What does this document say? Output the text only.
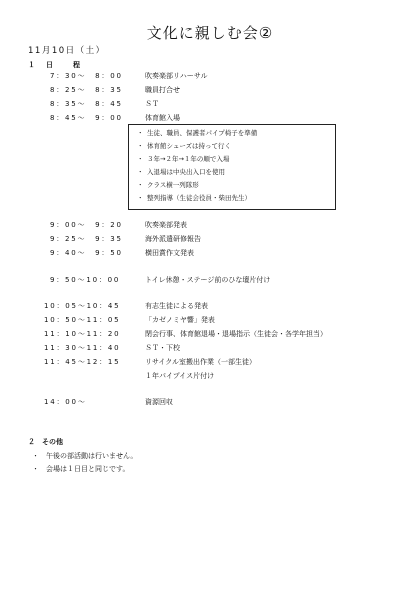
文化に親しむ会②
11月10日（土）
１ 日　　程
7：30～　8：00	吹奏楽部リハーサル
8：25～　8：35	職員打合せ
8：35～　8：45	ＳＴ
8：45～　9：00	体育館入場
・ 生徒、職員、保護者パイプ椅子を準備
・ 体育館シューズは持って行く
・ ３年→２年→１年の順で入場
・ 入退場は中央出入口を使用
・ クラス横一列隊形
・ 整列指導（生徒会役員・柴田先生）
9：00～　9：20	吹奏楽部発表
9：25～　9：35	海外派遣研修報告
9：40～　9：50	横田賞作文発表
9：50～10：00	トイレ休憩・ステージ前のひな壇片付け
10：05～10：45	有志生徒による発表
10：50～11：05	「カゼノミヤ響」発表
11：10～11：20	閉会行事、体育館退場・退場指示（生徒会・各学年担当）
11：30～11：40	ＳＴ・下校
11：45～12：15	リサイクル室搬出作業（一部生徒）
１年パイプイス片付け
14：00～	資源回収
２ その他
・ 午後の部活動は行いません。
・ 会場は１日目と同じです。
